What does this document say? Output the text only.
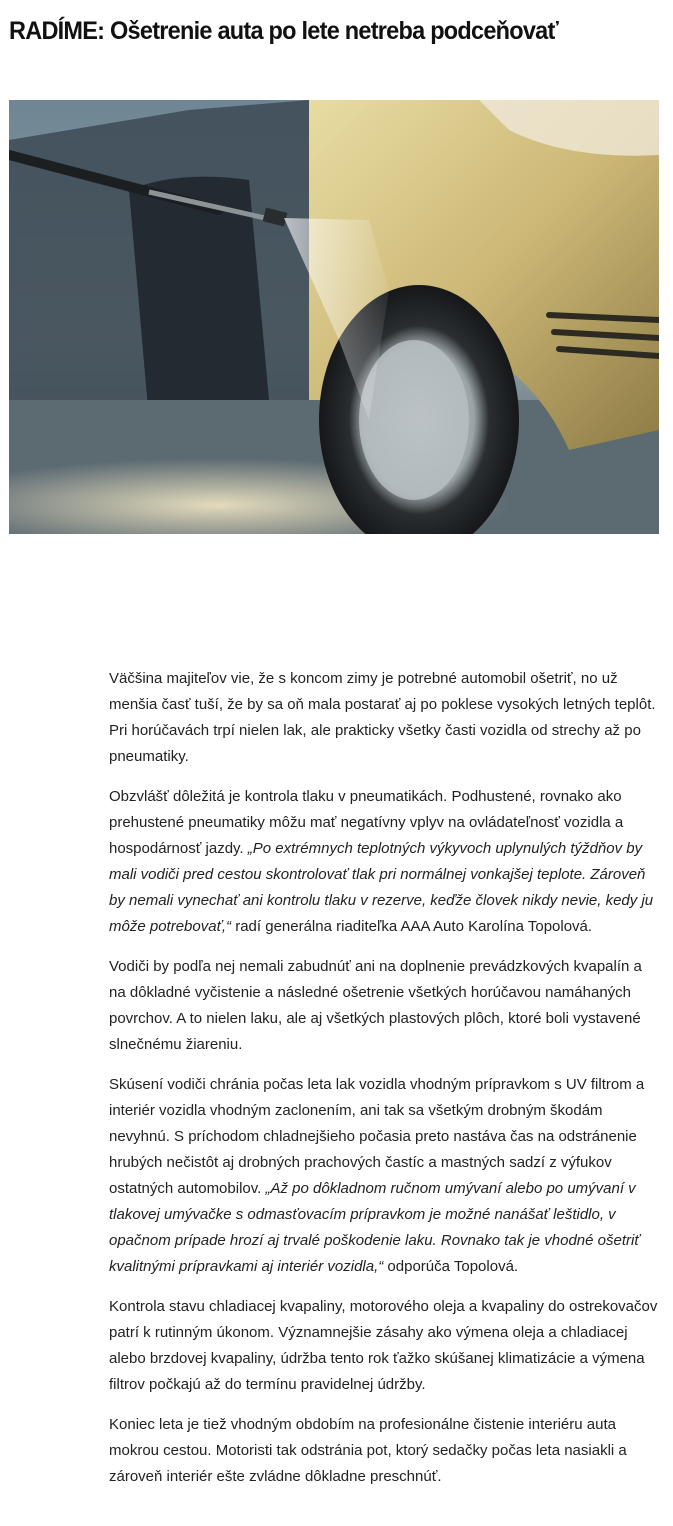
RADÍME: Ošetrenie auta po lete netreba podceňovať

Väčšina majiteľov vie, že s koncom zimy je potrebné automobil ošetriť, no už menšia časť tuší, že by sa oň mala postarať aj po poklese vysokých letných teplôt. Pri horúčavách trpí nielen lak, ale prakticky všetky časti vozidla od strechy až po pneumatiky.

Obzvlášť dôležitá je kontrola tlaku v pneumatikách. Podhustené, rovnako ako prehustené pneumatiky môžu mať negatívny vplyv na ovládateľnosť vozidla a hospodárnosť jazdy. „Po extrémnych teplotných výkyvoch uplynulých týždňov by mali vodiči pred cestou skontrolovať tlak pri normálnej vonkajšej teplote. Zároveň by nemali vynechať ani kontrolu tlaku v rezerve, keďže človek nikdy nevie, kedy ju môže potrebovať,“ radí generálna riaditeľka AAA Auto Karolína Topolová.

Vodiči by podľa nej nemali zabudnúť ani na doplnenie prevádzkových kvapalín a na dôkladné vyčistenie a následné ošetrenie všetkých horúčavou namáhaných povrchov. A to nielen laku, ale aj všetkých plastových plôch, ktoré boli vystavené slnečnému žiareniu.

Skúsení vodiči chránia počas leta lak vozidla vhodným prípravkom s UV filtrom a interiér vozidla vhodným zaclonením, ani tak sa všetkým drobným škodám nevyhnú. S príchodom chladnejšieho počasia preto nastáva čas na odstránenie hrubých nečistôt aj drobných prachových častíc a mastných sadzí z výfukov ostatných automobilov. „Až po dôkladnom ručnom umývaní alebo po umývaní v tlakovej umývačke s odmasťovacím prípravkom je možné nanášať leštidlo, v opačnom prípade hrozí aj trvalé poškodenie laku. Rovnako tak je vhodné ošetriť kvalitnými prípravkami aj interiér vozidla,“ odporúča Topolová.

Kontrola stavu chladiacej kvapaliny, motorového oleja a kvapaliny do ostrekovačov patrí k rutinným úkonom. Významnejšie zásahy ako výmena oleja a chladiacej alebo brzdovej kvapaliny, údržba tento rok ťažko skúšanej klimatizácie a výmena filtrov počkajú až do termínu pravidelnej údržby.

Koniec leta je tiež vhodným obdobím na profesionálne čistenie interiéru auta mokrou cestou. Motoristi tak odstránia pot, ktorý sedačky počas leta nasiakli a zároveň interiér ešte zvládne dôkladne preschnúť.
